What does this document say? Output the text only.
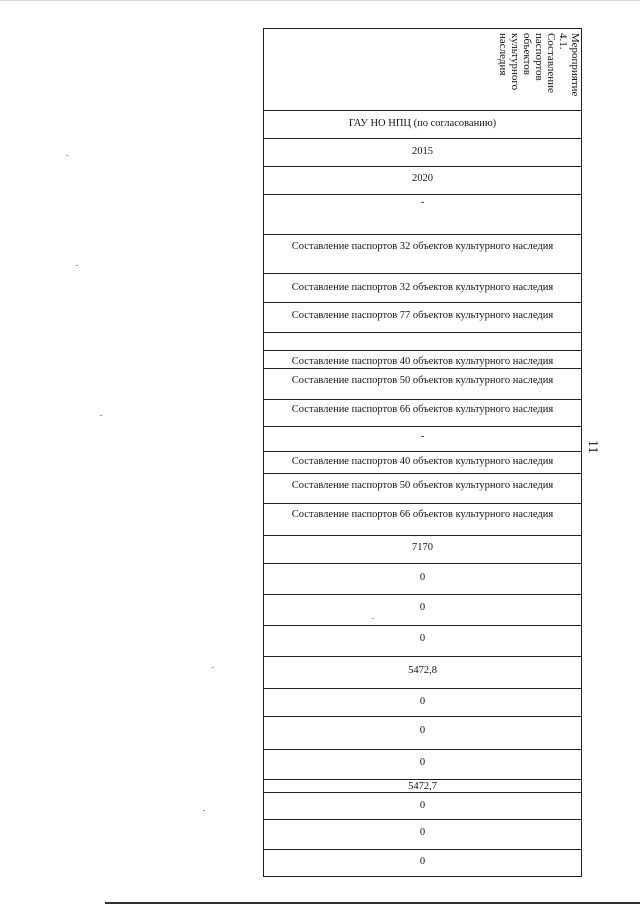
Мероприятие
4.1.
Составление
паспортов
объектов
культурного
наследия
ГАУ НО НПЦ (по согласованию)
2015
2020
-
Составление паспортов 32 объектов культурного наследия
Составление паспортов 32 объектов культурного наследия
Составление паспортов 77 объектов культурного наследия
Составление паспортов 40 объектов культурного наследия
Составление паспортов 50 объектов культурного наследия
Составление паспортов 66 объектов культурного наследия
-
Составление паспортов 40 объектов культурного наследия
Составление паспортов 50 объектов культурного наследия
Составление паспортов 66 объектов культурного наследия
7170
0
0
0
5472,8
0
0
0
5472,7
0
0
0
11
